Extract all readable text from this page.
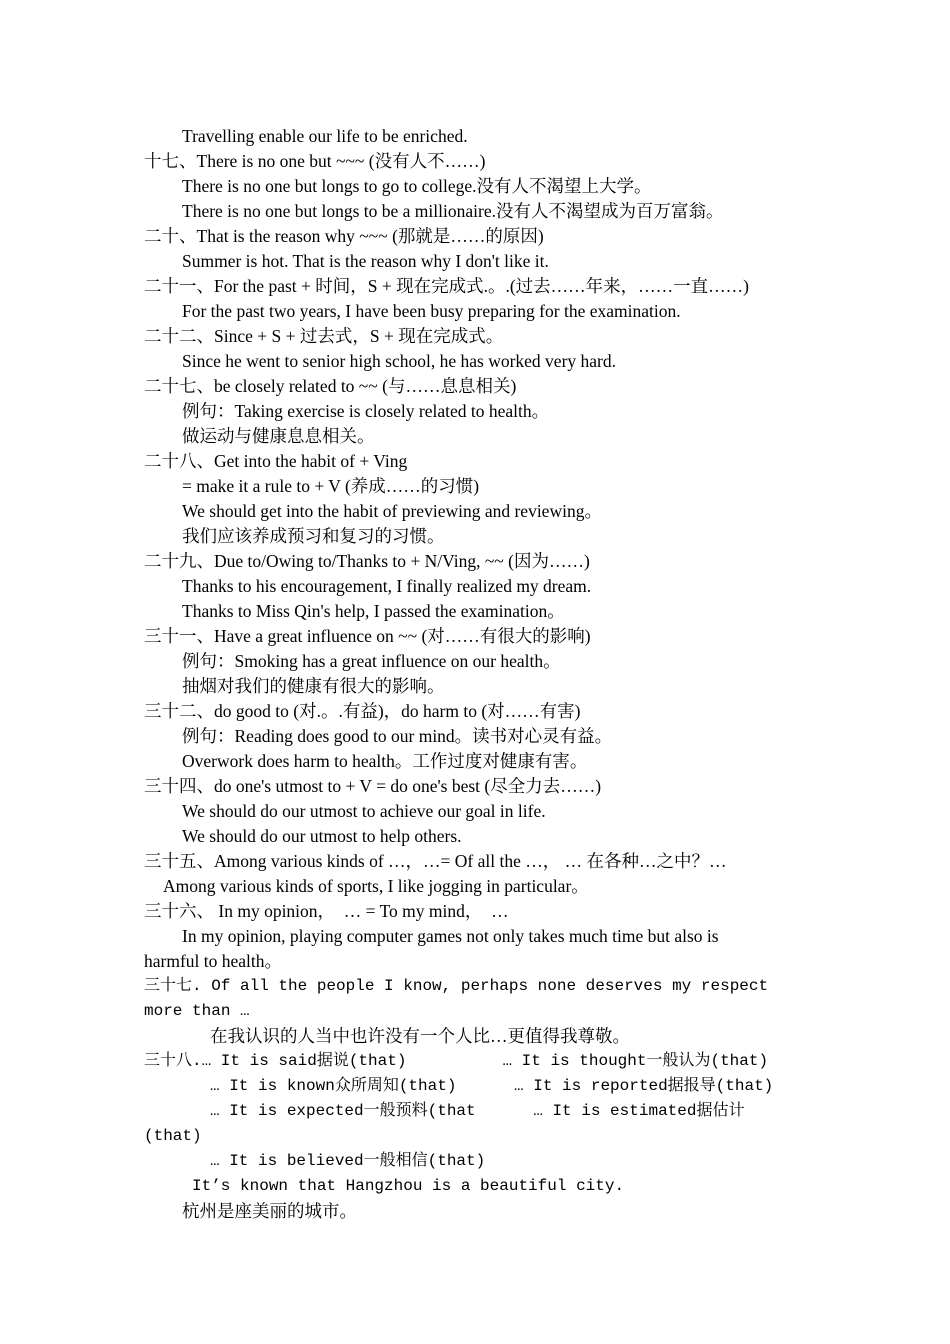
Travelling enable our life to be enriched.
十七、There is no one but ~~~ (没有人不……)
There is no one but longs to go to college.没有人不渴望上大学。
There is no one but longs to be a millionaire.没有人不渴望成为百万富翁。
二十、That is the reason why ~~~ (那就是……的原因)
Summer is hot. That is the reason why I don't like it.
二十一、For the past + 时间，S + 现在完成式.。.(过去……年来，……一直……)
For the past two years, I have been busy preparing for the examination.
二十二、Since + S + 过去式，S + 现在完成式。
Since he went to senior high school, he has worked very hard.
二十七、be closely related to ~~ (与……息息相关)
例句：Taking exercise is closely related to health。
做运动与健康息息相关。
二十八、Get into the habit of + Ving
= make it a rule to + V (养成……的习惯)
We should get into the habit of previewing and reviewing。
我们应该养成预习和复习的习惯。
二十九、Due to/Owing to/Thanks to + N/Ving, ~~ (因为……)
Thanks to his encouragement, I finally realized my dream.
Thanks to Miss Qin's help, I passed the examination。
三十一、Have a great influence on ~~ (对……有很大的影响)
例句：Smoking has a great influence on our health。
抽烟对我们的健康有很大的影响。
三十二、do good to (对.。.有益)，do harm to (对……有害)
例句：Reading does good to our mind。读书对心灵有益。
Overwork does harm to health。工作过度对健康有害。
三十四、do one's utmost to + V = do one's best (尽全力去……)
We should do our utmost to achieve our goal in life.
We should do our utmost to help others.
三十五、Among various kinds of …，…= Of all the …， … 在各种…之中？…
Among various kinds of sports, I like jogging in particular。
三十六、 In my opinion，  … = To my mind，  …
In my opinion, playing computer games not only takes much time but also is
harmful to health。
三十七. Of all the people I know, perhaps none deserves my respect
more than …
在我认识的人当中也许没有一个人比…更值得我尊敬。
三十八.… It is said据说(that)          … It is thought一般认为(that)
… It is known众所周知(that)      … It is reported据报导(that)
… It is expected一般预料(that      … It is estimated据估计
(that)
… It is believed一般相信(that)
It’s known that Hangzhou is a beautiful city.
杭州是座美丽的城市。
